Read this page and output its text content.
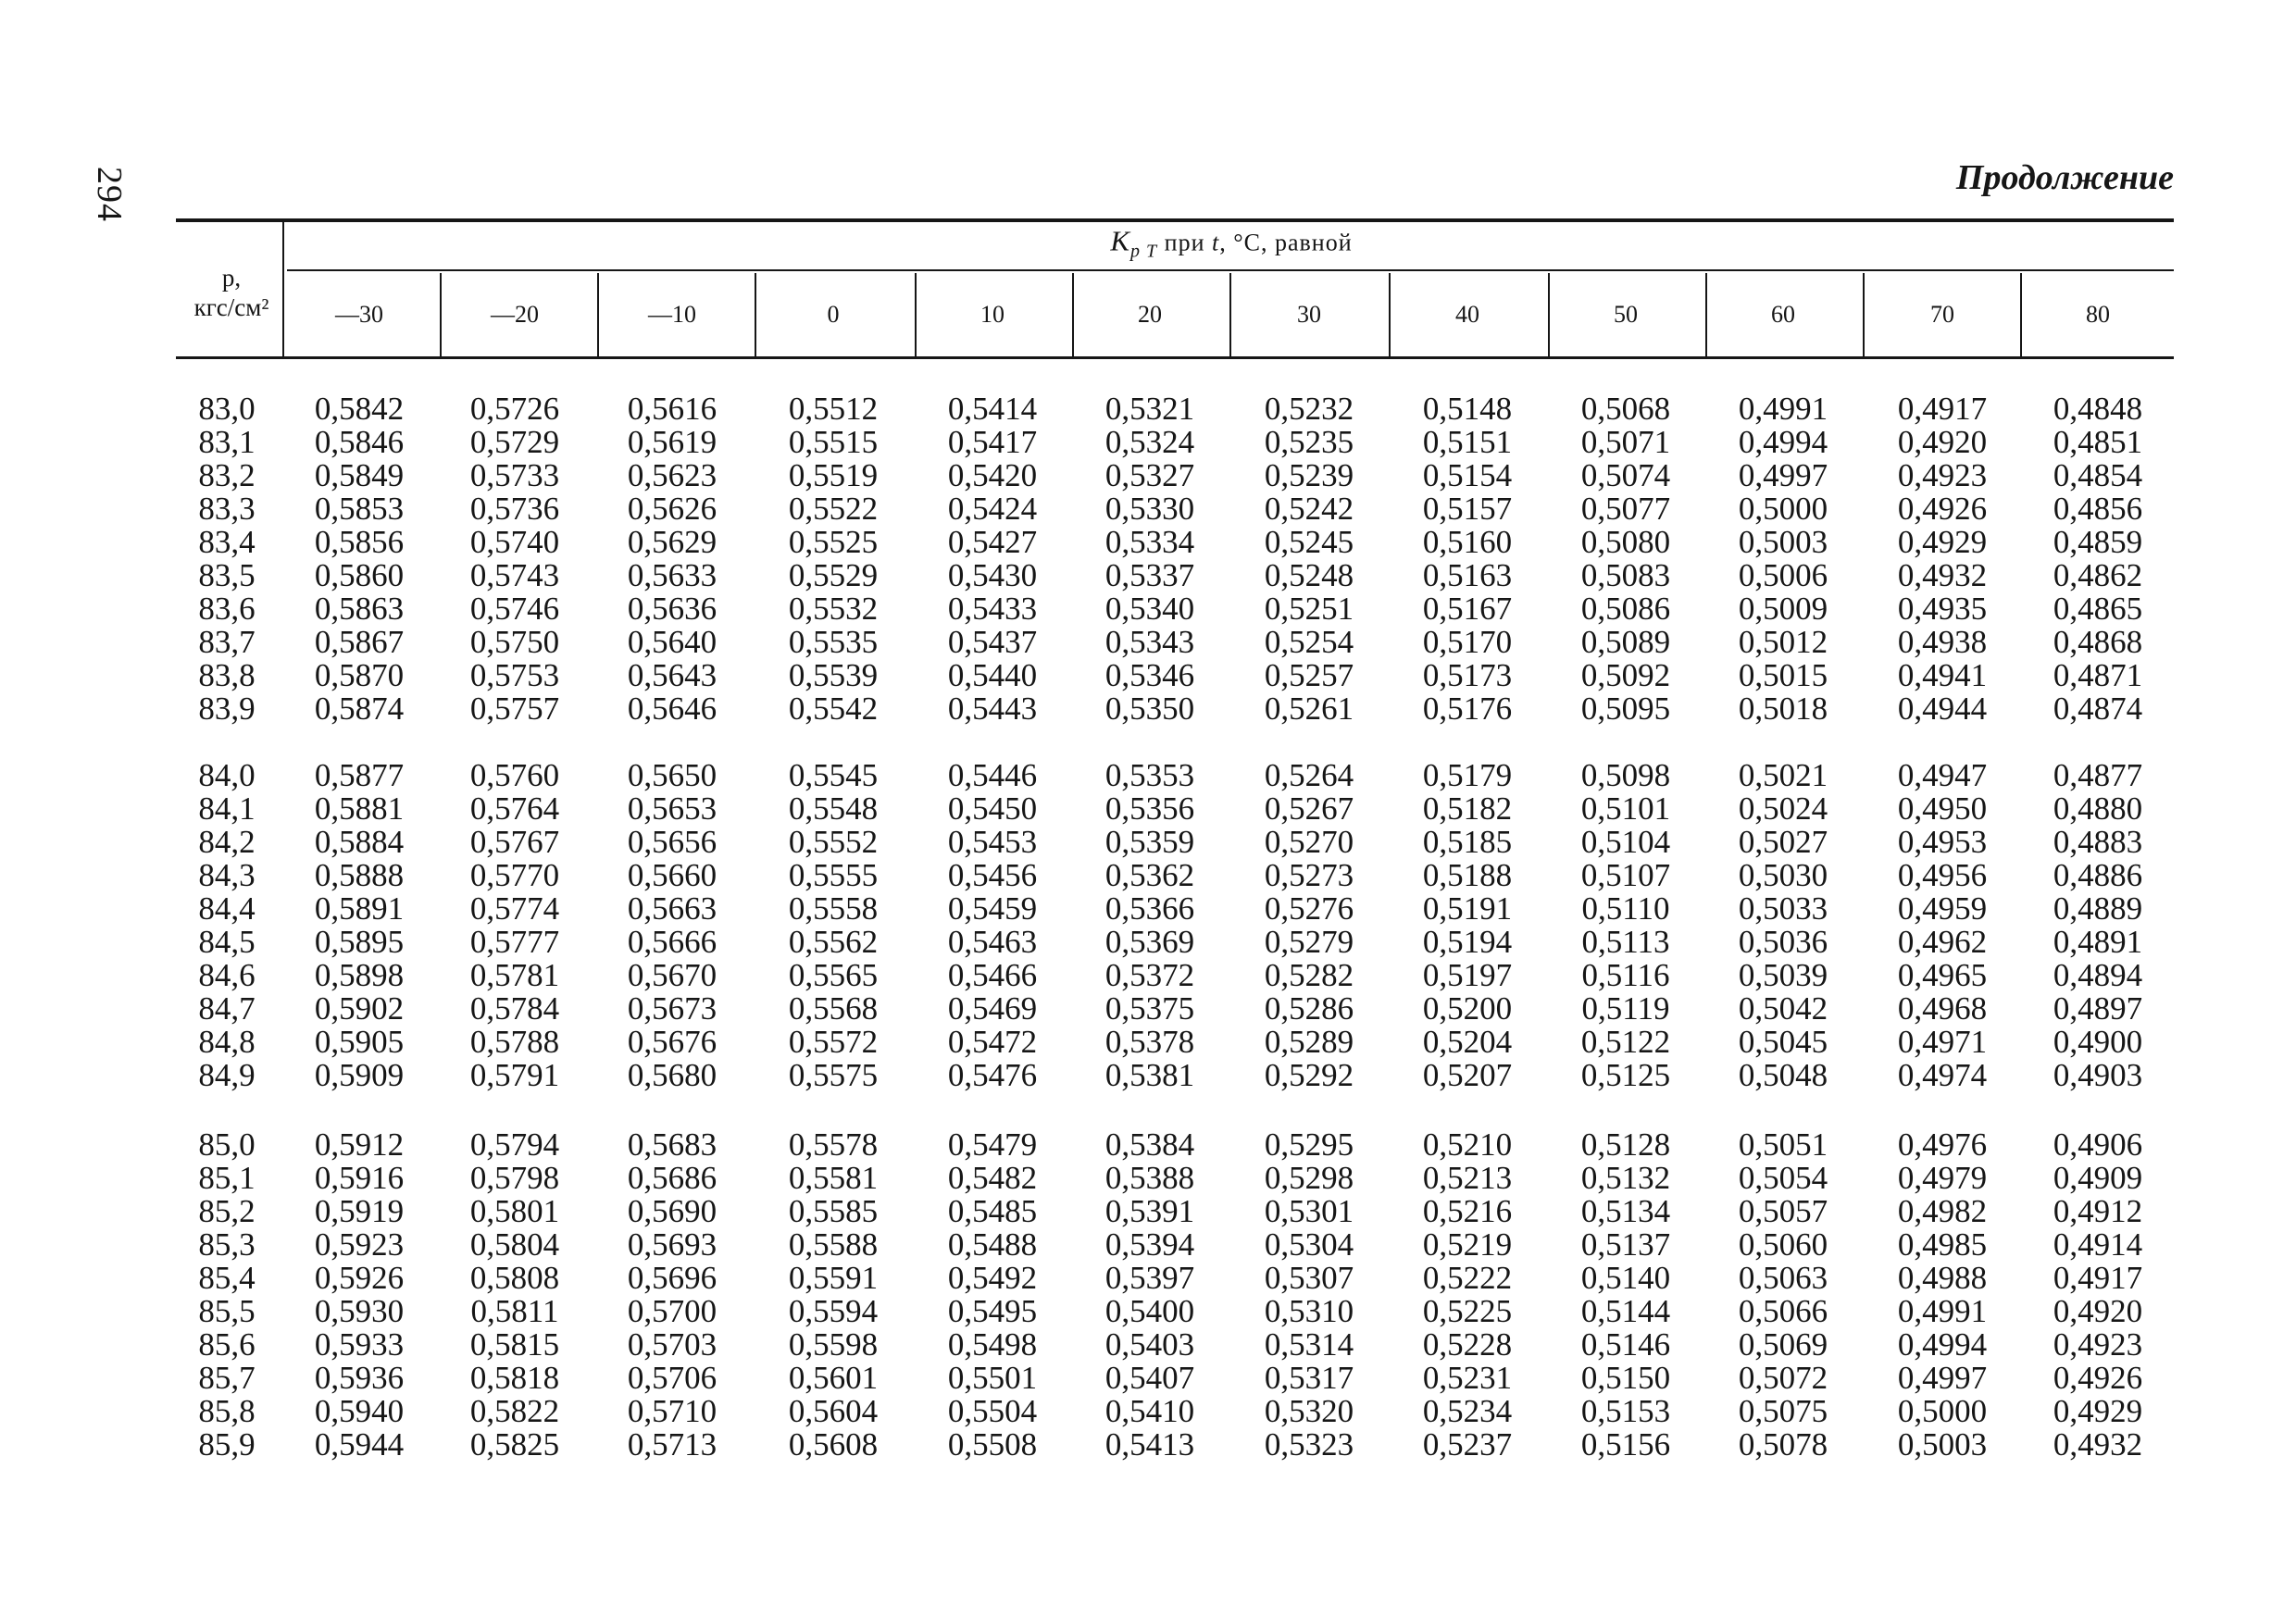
294	Продолжение
p,
кгс/см²
$K_{p T}$ при t, °C, равной
—30	—20	—10	0	10	20	30	40	50	60	70	80
83,0 0,5842 0,5726 0,5616 0,5512 0,5414 0,5321 0,5232 0,5148 0,5068 0,4991 0,4917 0,4848
83,1 0,5846 0,5729 0,5619 0,5515 0,5417 0,5324 0,5235 0,5151 0,5071 0,4994 0,4920 0,4851
83,2 0,5849 0,5733 0,5623 0,5519 0,5420 0,5327 0,5239 0,5154 0,5074 0,4997 0,4923 0,4854
83,3 0,5853 0,5736 0,5626 0,5522 0,5424 0,5330 0,5242 0,5157 0,5077 0,5000 0,4926 0,4856
83,4 0,5856 0,5740 0,5629 0,5525 0,5427 0,5334 0,5245 0,5160 0,5080 0,5003 0,4929 0,4859
83,5 0,5860 0,5743 0,5633 0,5529 0,5430 0,5337 0,5248 0,5163 0,5083 0,5006 0,4932 0,4862
83,6 0,5863 0,5746 0,5636 0,5532 0,5433 0,5340 0,5251 0,5167 0,5086 0,5009 0,4935 0,4865
83,7 0,5867 0,5750 0,5640 0,5535 0,5437 0,5343 0,5254 0,5170 0,5089 0,5012 0,4938 0,4868
83,8 0,5870 0,5753 0,5643 0,5539 0,5440 0,5346 0,5257 0,5173 0,5092 0,5015 0,4941 0,4871
83,9 0,5874 0,5757 0,5646 0,5542 0,5443 0,5350 0,5261 0,5176 0,5095 0,5018 0,4944 0,4874
84,0 0,5877 0,5760 0,5650 0,5545 0,5446 0,5353 0,5264 0,5179 0,5098 0,5021 0,4947 0,4877
84,1 0,5881 0,5764 0,5653 0,5548 0,5450 0,5356 0,5267 0,5182 0,5101 0,5024 0,4950 0,4880
84,2 0,5884 0,5767 0,5656 0,5552 0,5453 0,5359 0,5270 0,5185 0,5104 0,5027 0,4953 0,4883
84,3 0,5888 0,5770 0,5660 0,5555 0,5456 0,5362 0,5273 0,5188 0,5107 0,5030 0,4956 0,4886
84,4 0,5891 0,5774 0,5663 0,5558 0,5459 0,5366 0,5276 0,5191 0,5110 0,5033 0,4959 0,4889
84,5 0,5895 0,5777 0,5666 0,5562 0,5463 0,5369 0,5279 0,5194 0,5113 0,5036 0,4962 0,4891
84,6 0,5898 0,5781 0,5670 0,5565 0,5466 0,5372 0,5282 0,5197 0,5116 0,5039 0,4965 0,4894
84,7 0,5902 0,5784 0,5673 0,5568 0,5469 0,5375 0,5286 0,5200 0,5119 0,5042 0,4968 0,4897
84,8 0,5905 0,5788 0,5676 0,5572 0,5472 0,5378 0,5289 0,5204 0,5122 0,5045 0,4971 0,4900
84,9 0,5909 0,5791 0,5680 0,5575 0,5476 0,5381 0,5292 0,5207 0,5125 0,5048 0,4974 0,4903
85,0 0,5912 0,5794 0,5683 0,5578 0,5479 0,5384 0,5295 0,5210 0,5128 0,5051 0,4976 0,4906
85,1 0,5916 0,5798 0,5686 0,5581 0,5482 0,5388 0,5298 0,5213 0,5132 0,5054 0,4979 0,4909
85,2 0,5919 0,5801 0,5690 0,5585 0,5485 0,5391 0,5301 0,5216 0,5134 0,5057 0,4982 0,4912
85,3 0,5923 0,5804 0,5693 0,5588 0,5488 0,5394 0,5304 0,5219 0,5137 0,5060 0,4985 0,4914
85,4 0,5926 0,5808 0,5696 0,5591 0,5492 0,5397 0,5307 0,5222 0,5140 0,5063 0,4988 0,4917
85,5 0,5930 0,5811 0,5700 0,5594 0,5495 0,5400 0,5310 0,5225 0,5144 0,5066 0,4991 0,4920
85,6 0,5933 0,5815 0,5703 0,5598 0,5498 0,5403 0,5314 0,5228 0,5146 0,5069 0,4994 0,4923
85,7 0,5936 0,5818 0,5706 0,5601 0,5501 0,5407 0,5317 0,5231 0,5150 0,5072 0,4997 0,4926
85,8 0,5940 0,5822 0,5710 0,5604 0,5504 0,5410 0,5320 0,5234 0,5153 0,5075 0,5000 0,4929
85,9 0,5944 0,5825 0,5713 0,5608 0,5508 0,5413 0,5323 0,5237 0,5156 0,5078 0,5003 0,4932
